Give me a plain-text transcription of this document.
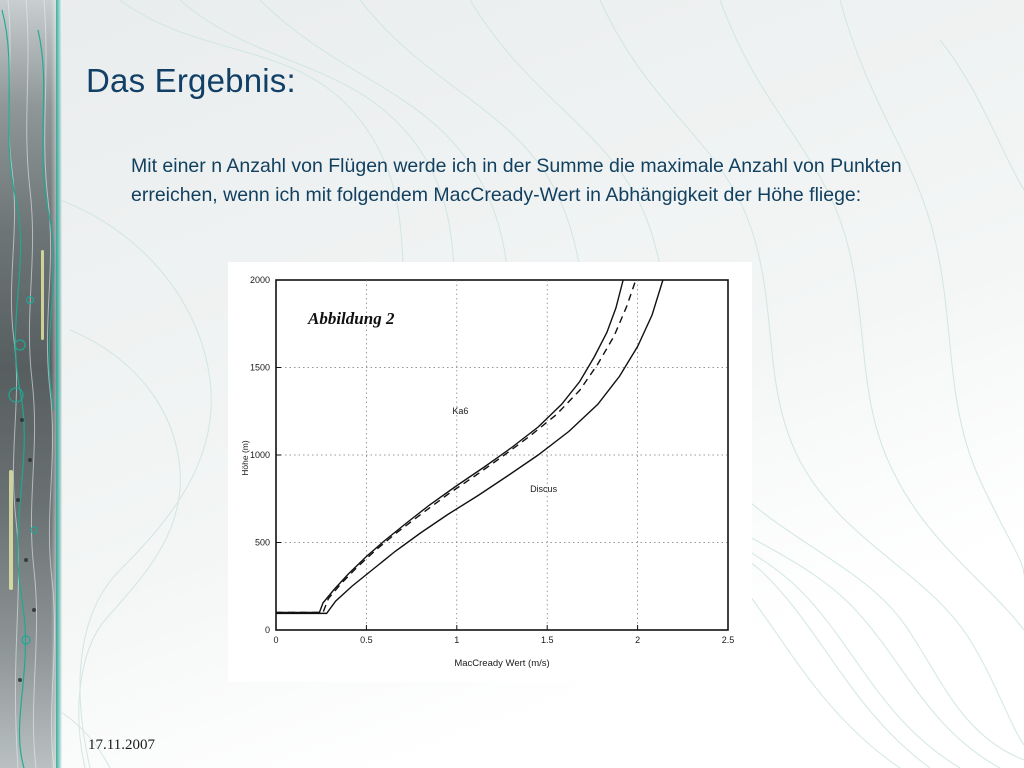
Das Ergebnis:
Mit einer n Anzahl von Flügen werde ich in der Summe die maximale Anzahl von Punkten erreichen, wenn ich mit folgendem MacCready-Wert in Abhängigkeit der Höhe fliege:
0	0.5	1	1.5	2	2.5
0
500
1000
1500
2000
Ka6
Discus
Abbildung 2
MacCready Wert (m/s)
Höhe (m)
17.11.2007
